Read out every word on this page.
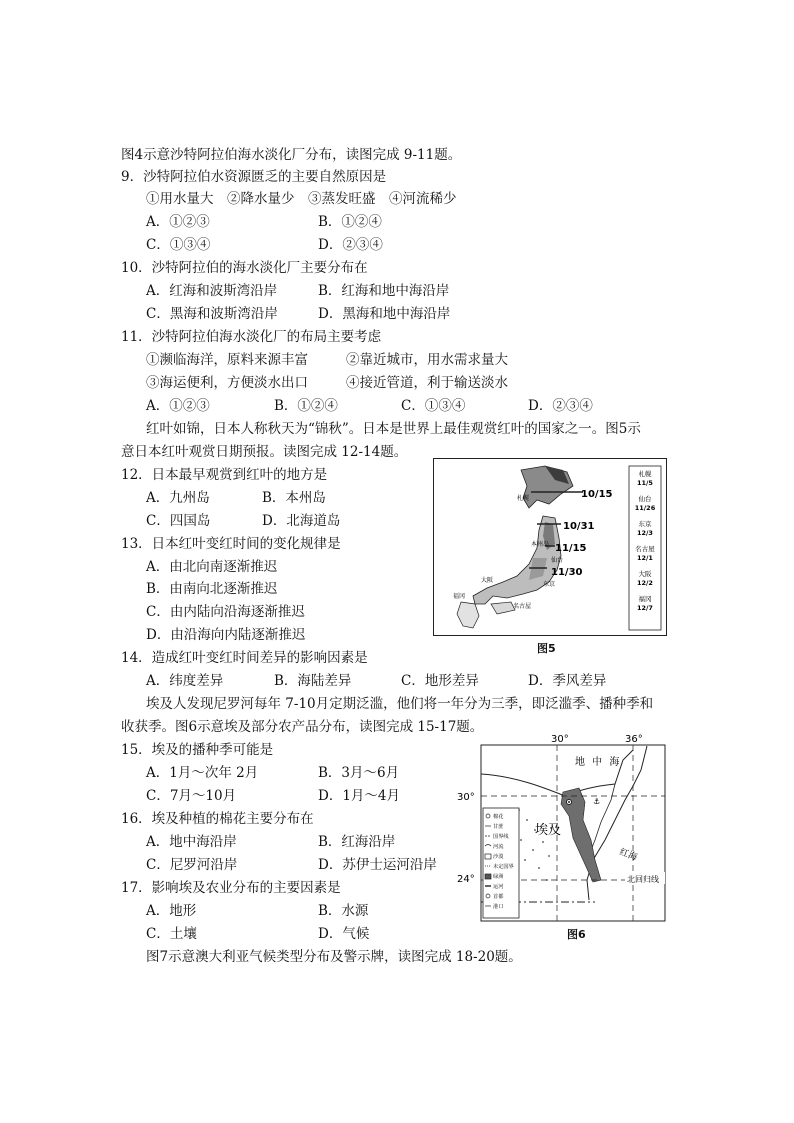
图4示意沙特阿拉伯海水淡化厂分布，读图完成 9-11题。
9．沙特阿拉伯水资源匮乏的主要自然原因是
①用水量大　②降水量少　③蒸发旺盛　④河流稀少
A．①②③	B．①②④
C．①③④	D．②③④
10．沙特阿拉伯的海水淡化厂主要分布在
A．红海和波斯湾沿岸	B．红海和地中海沿岸
C．黑海和波斯湾沿岸	D．黑海和地中海沿岸
11．沙特阿拉伯海水淡化厂的布局主要考虑
①濒临海洋，原料来源丰富	②靠近城市，用水需求量大
③海运便利，方便淡水出口	④接近管道，利于输送淡水
A．①②③	B．①②④	C．①③④	D．②③④
红叶如锦，日本人称秋天为“锦秋”。日本是世界上最佳观赏红叶的国家之一。图5示
意日本红叶观赏日期预报。读图完成 12-14题。
12．日本最早观赏到红叶的地方是
A．九州岛	B．本州岛
C．四国岛	D．北海道岛
13．日本红叶变红时间的变化规律是
A．由北向南逐渐推迟
B．由南向北逐渐推迟
C．由内陆向沿海逐渐推迟
D．由沿海向内陆逐渐推迟
14．造成红叶变红时间差异的影响因素是
A．纬度差异	B．海陆差异	C．地形差异	D．季风差异
埃及人发现尼罗河每年 7-10月定期泛滥，他们将一年分为三季，即泛滥季、播种季和
收获季。图6示意埃及部分农产品分布，读图完成 15-17题。
15．埃及的播种季可能是
A．1月～次年 2月	B．3月～6月
C．7月～10月	D．1月～4月
16．埃及种植的棉花主要分布在
A．地中海沿岸	B．红海沿岸
C．尼罗河沿岸	D．苏伊士运河沿岸
17．影响埃及农业分布的主要因素是
A．地形	B．水源
C．土壤	D．气候
图7示意澳大利亚气候类型分布及警示牌，读图完成 18-20题。
10/15
10/31
11/15
11/30
札幌
仙台
东京
名古屋
大阪
福冈
本州岛
札幌
11/5
仙台
11/26
东京
12/3
名古屋
12/1
大阪
12/2
福冈
12/7
图5
30°	36°
30°
24°
地 中 海
埃及
红海
北回归线
⚓
棉花
甘蔗
国界线
河流
沙漠
未定国界
绿洲
运河
首都
港口
图6
